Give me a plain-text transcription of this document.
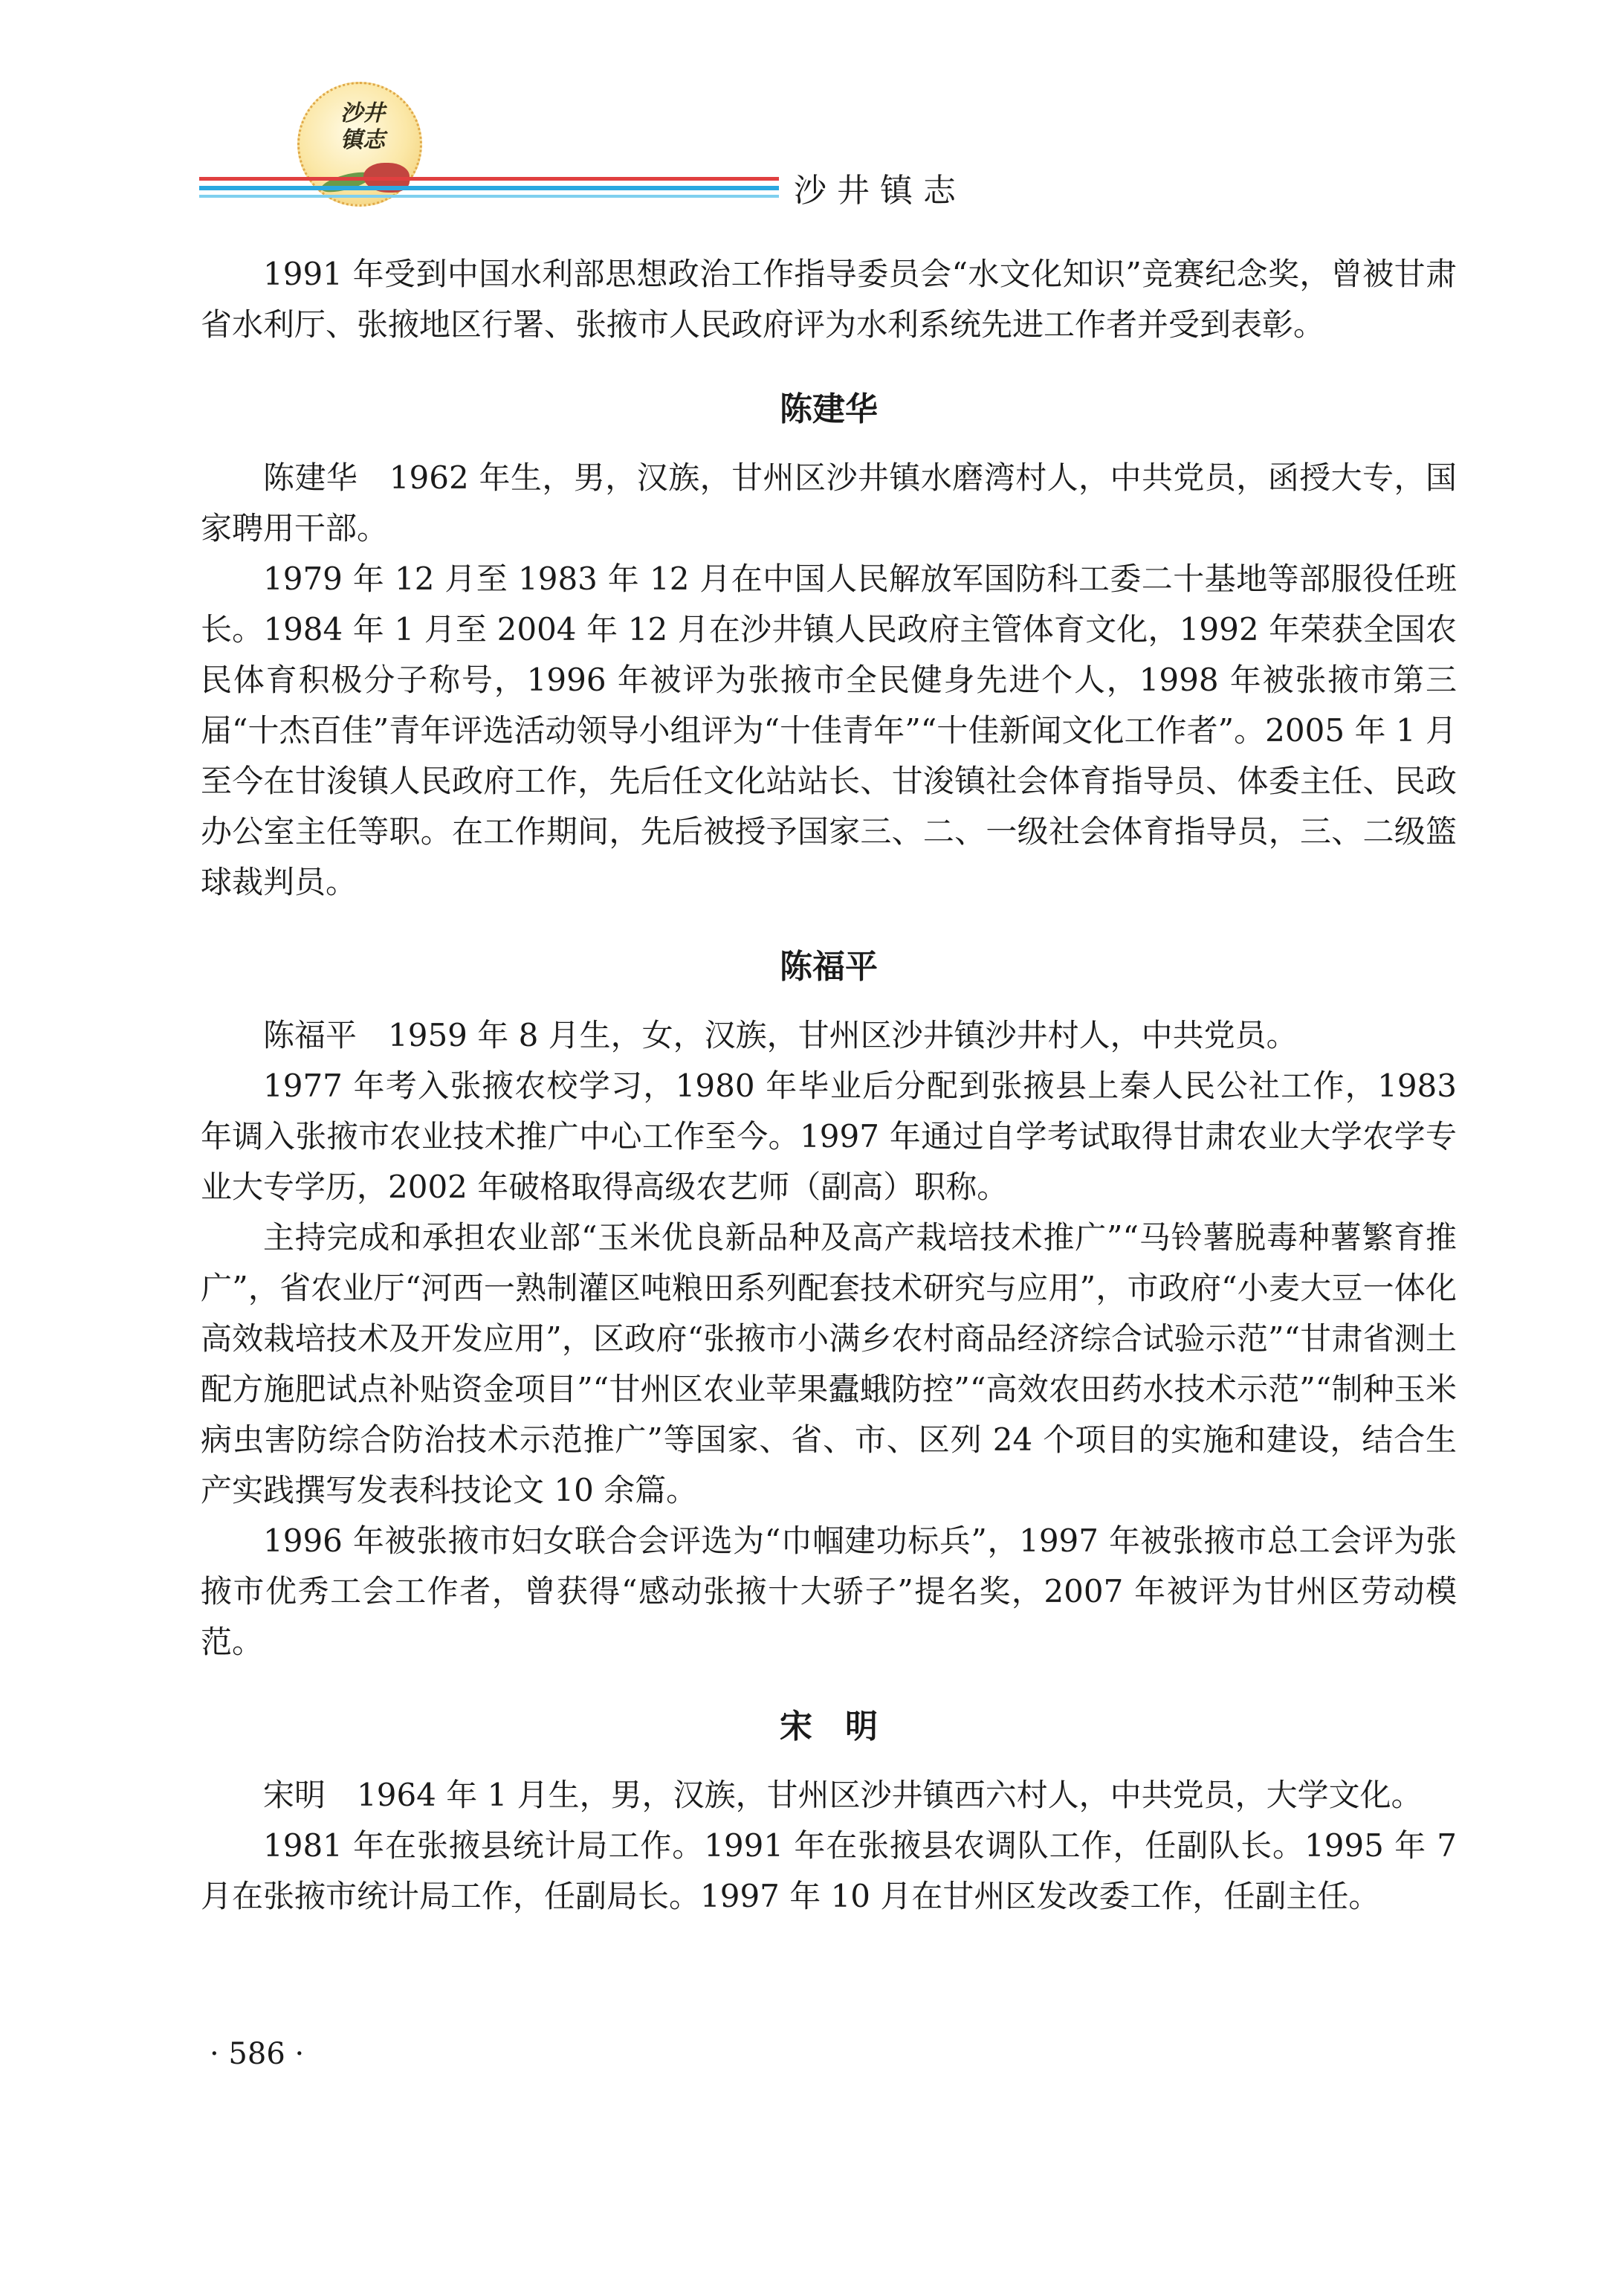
沙井
镇志
沙井镇志

1991 年受到中国水利部思想政治工作指导委员会“水文化知识”竞赛纪念奖，曾被甘肃省水利厅、张掖地区行署、张掖市人民政府评为水利系统先进工作者并受到表彰。

陈建华

陈建华　1962 年生，男，汉族，甘州区沙井镇水磨湾村人，中共党员，函授大专，国家聘用干部。

1979 年 12 月至 1983 年 12 月在中国人民解放军国防科工委二十基地等部服役任班长。1984 年 1 月至 2004 年 12 月在沙井镇人民政府主管体育文化，1992 年荣获全国农民体育积极分子称号，1996 年被评为张掖市全民健身先进个人，1998 年被张掖市第三届“十杰百佳”青年评选活动领导小组评为“十佳青年”“十佳新闻文化工作者”。2005 年 1 月至今在甘浚镇人民政府工作，先后任文化站站长、甘浚镇社会体育指导员、体委主任、民政办公室主任等职。在工作期间，先后被授予国家三、二、一级社会体育指导员，三、二级篮球裁判员。

陈福平

陈福平　1959 年 8 月生，女，汉族，甘州区沙井镇沙井村人，中共党员。

1977 年考入张掖农校学习，1980 年毕业后分配到张掖县上秦人民公社工作，1983 年调入张掖市农业技术推广中心工作至今。1997 年通过自学考试取得甘肃农业大学农学专业大专学历，2002 年破格取得高级农艺师（副高）职称。

主持完成和承担农业部“玉米优良新品种及高产栽培技术推广”“马铃薯脱毒种薯繁育推广”，省农业厅“河西一熟制灌区吨粮田系列配套技术研究与应用”，市政府“小麦大豆一体化高效栽培技术及开发应用”，区政府“张掖市小满乡农村商品经济综合试验示范”“甘肃省测土配方施肥试点补贴资金项目”“甘州区农业苹果蠹蛾防控”“高效农田药水技术示范”“制种玉米病虫害防综合防治技术示范推广”等国家、省、市、区列 24 个项目的实施和建设，结合生产实践撰写发表科技论文 10 余篇。

1996 年被张掖市妇女联合会评选为“巾帼建功标兵”，1997 年被张掖市总工会评为张掖市优秀工会工作者，曾获得“感动张掖十大骄子”提名奖，2007 年被评为甘州区劳动模范。

宋　明

宋明　1964 年 1 月生，男，汉族，甘州区沙井镇西六村人，中共党员，大学文化。

1981 年在张掖县统计局工作。1991 年在张掖县农调队工作，任副队长。1995 年 7 月在张掖市统计局工作，任副局长。1997 年 10 月在甘州区发改委工作，任副主任。

· 586 ·
